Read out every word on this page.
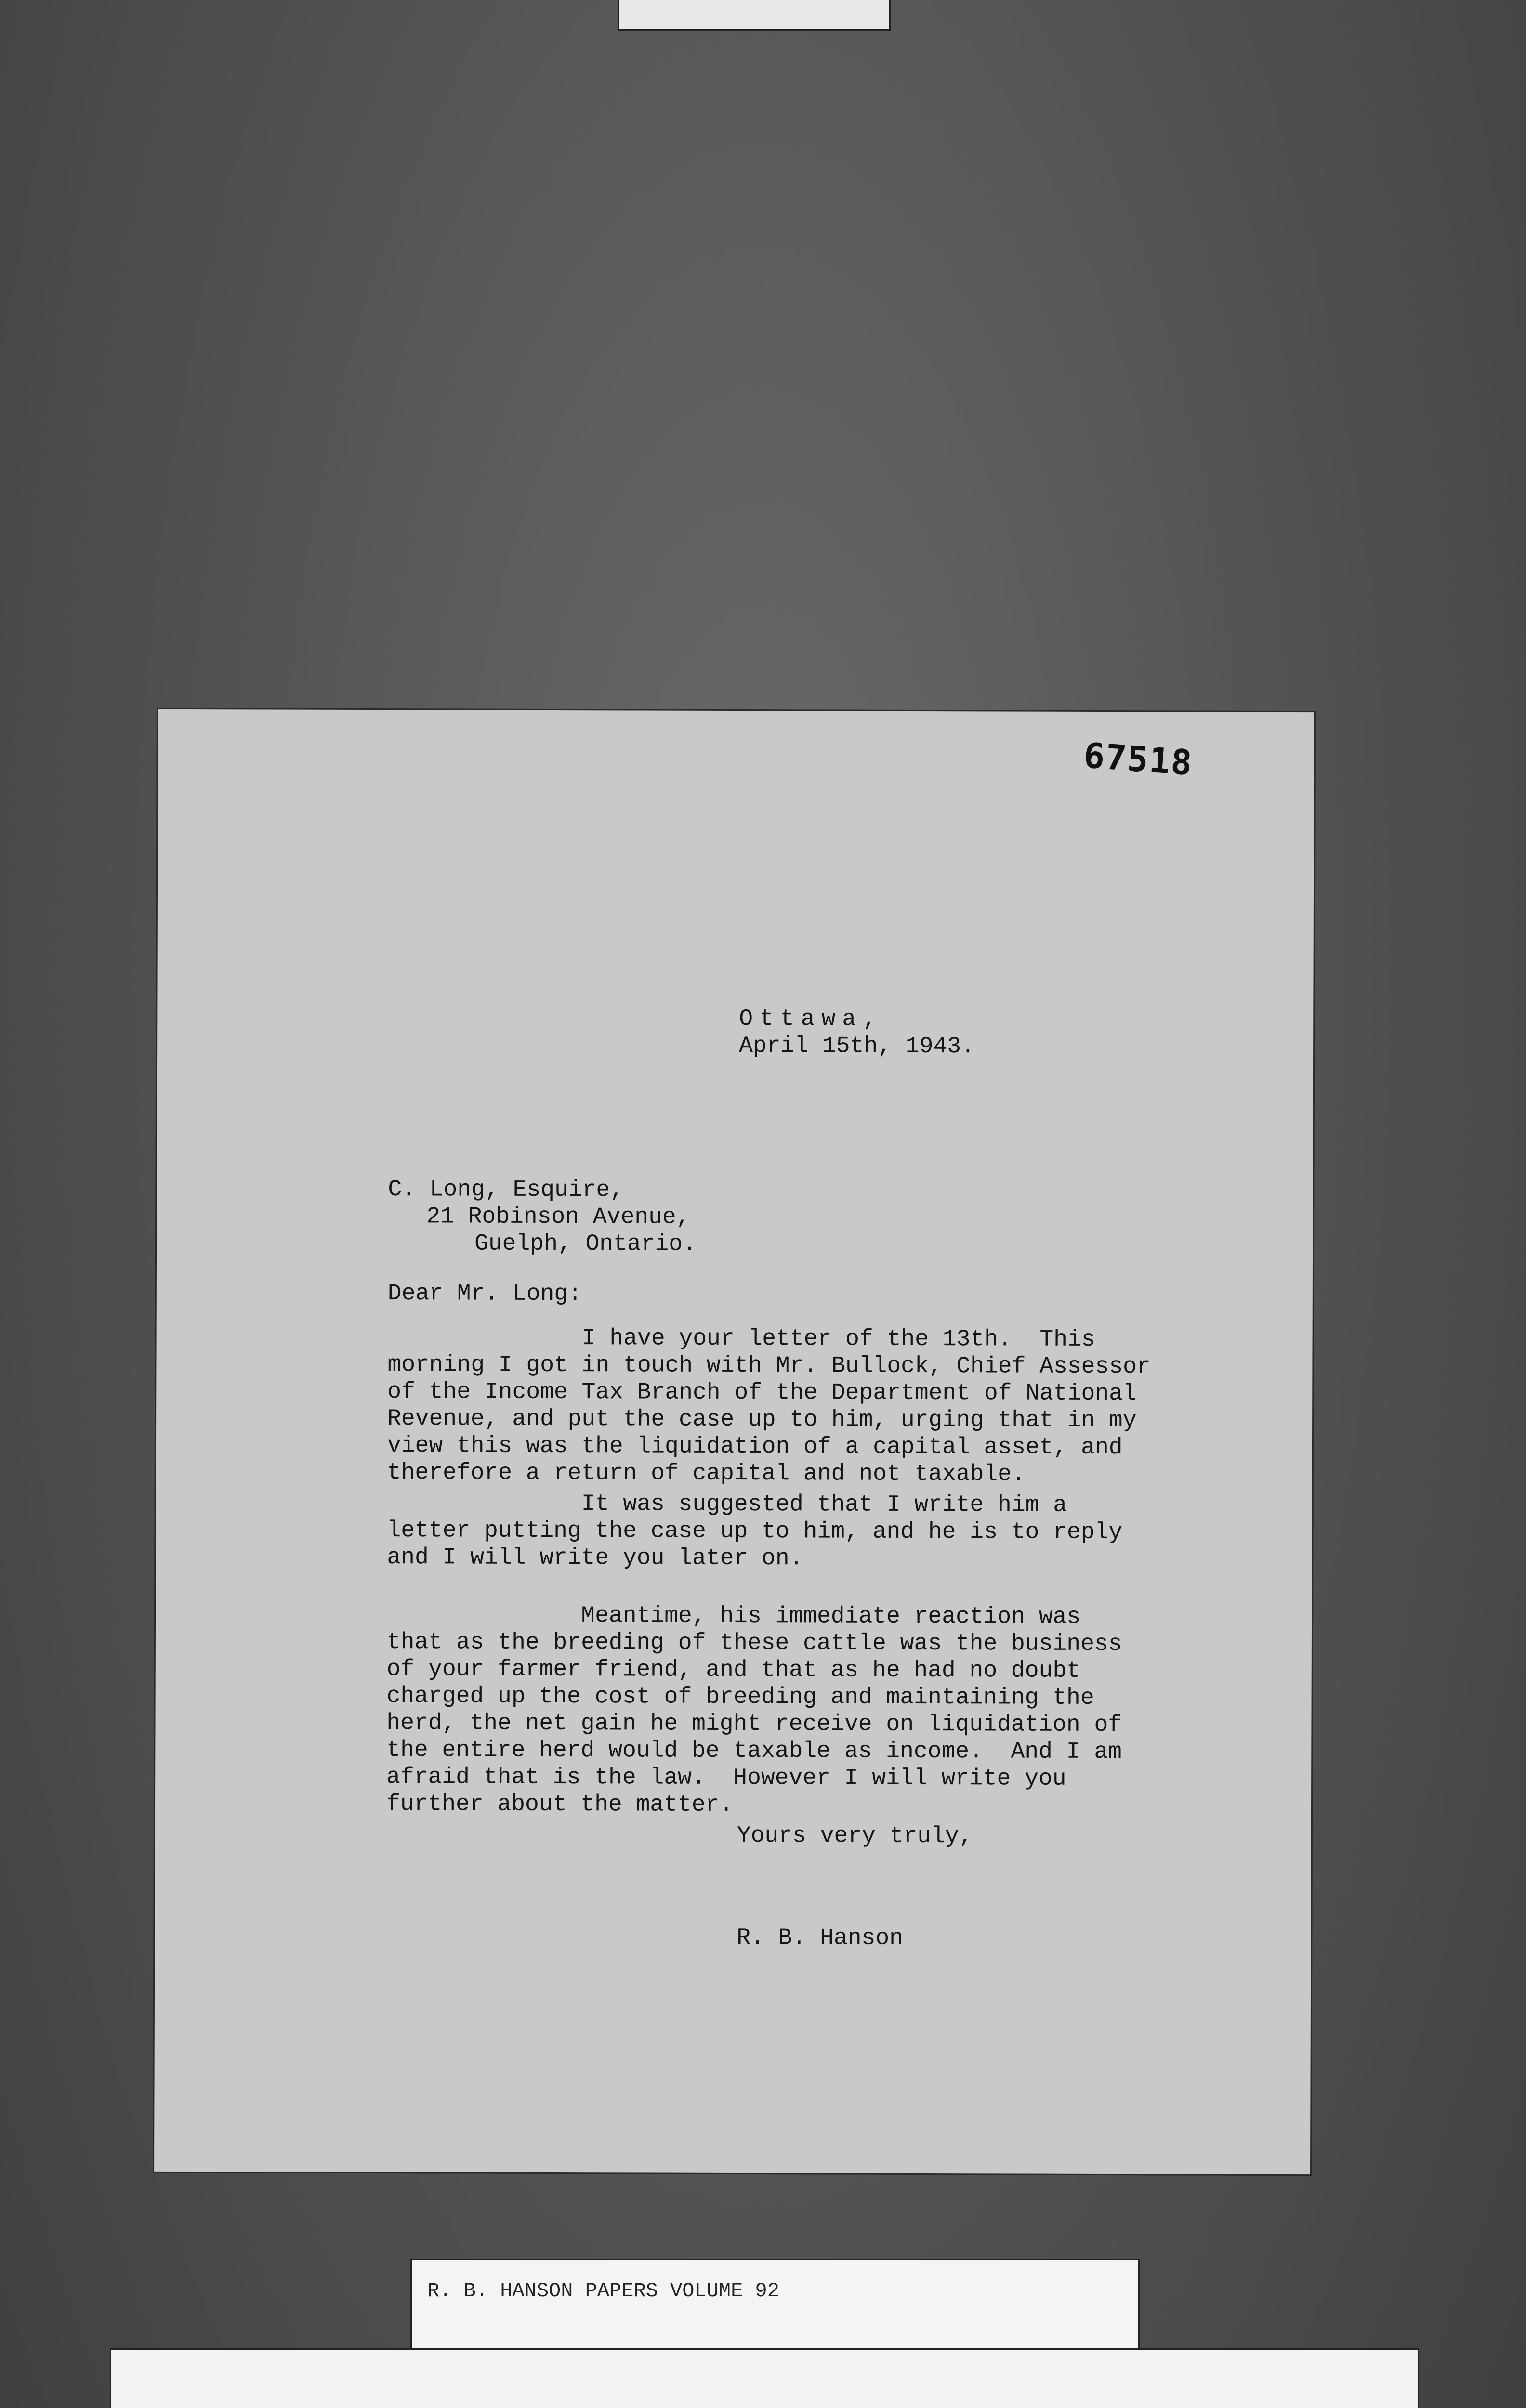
67518
Ottawa,
April 15th, 1943.
C. Long, Esquire,
21 Robinson Avenue,
Guelph, Ontario.
Dear Mr. Long:
I have your letter of the 13th.  This
morning I got in touch with Mr. Bullock, Chief Assessor
of the Income Tax Branch of the Department of National
Revenue, and put the case up to him, urging that in my
view this was the liquidation of a capital asset, and
therefore a return of capital and not taxable.
It was suggested that I write him a
letter putting the case up to him, and he is to reply
and I will write you later on.
Meantime, his immediate reaction was
that as the breeding of these cattle was the business
of your farmer friend, and that as he had no doubt
charged up the cost of breeding and maintaining the
herd, the net gain he might receive on liquidation of
the entire herd would be taxable as income.  And I am
afraid that is the law.  However I will write you
further about the matter.
Yours very truly,
R. B. Hanson
R. B. HANSON PAPERS VOLUME 92
